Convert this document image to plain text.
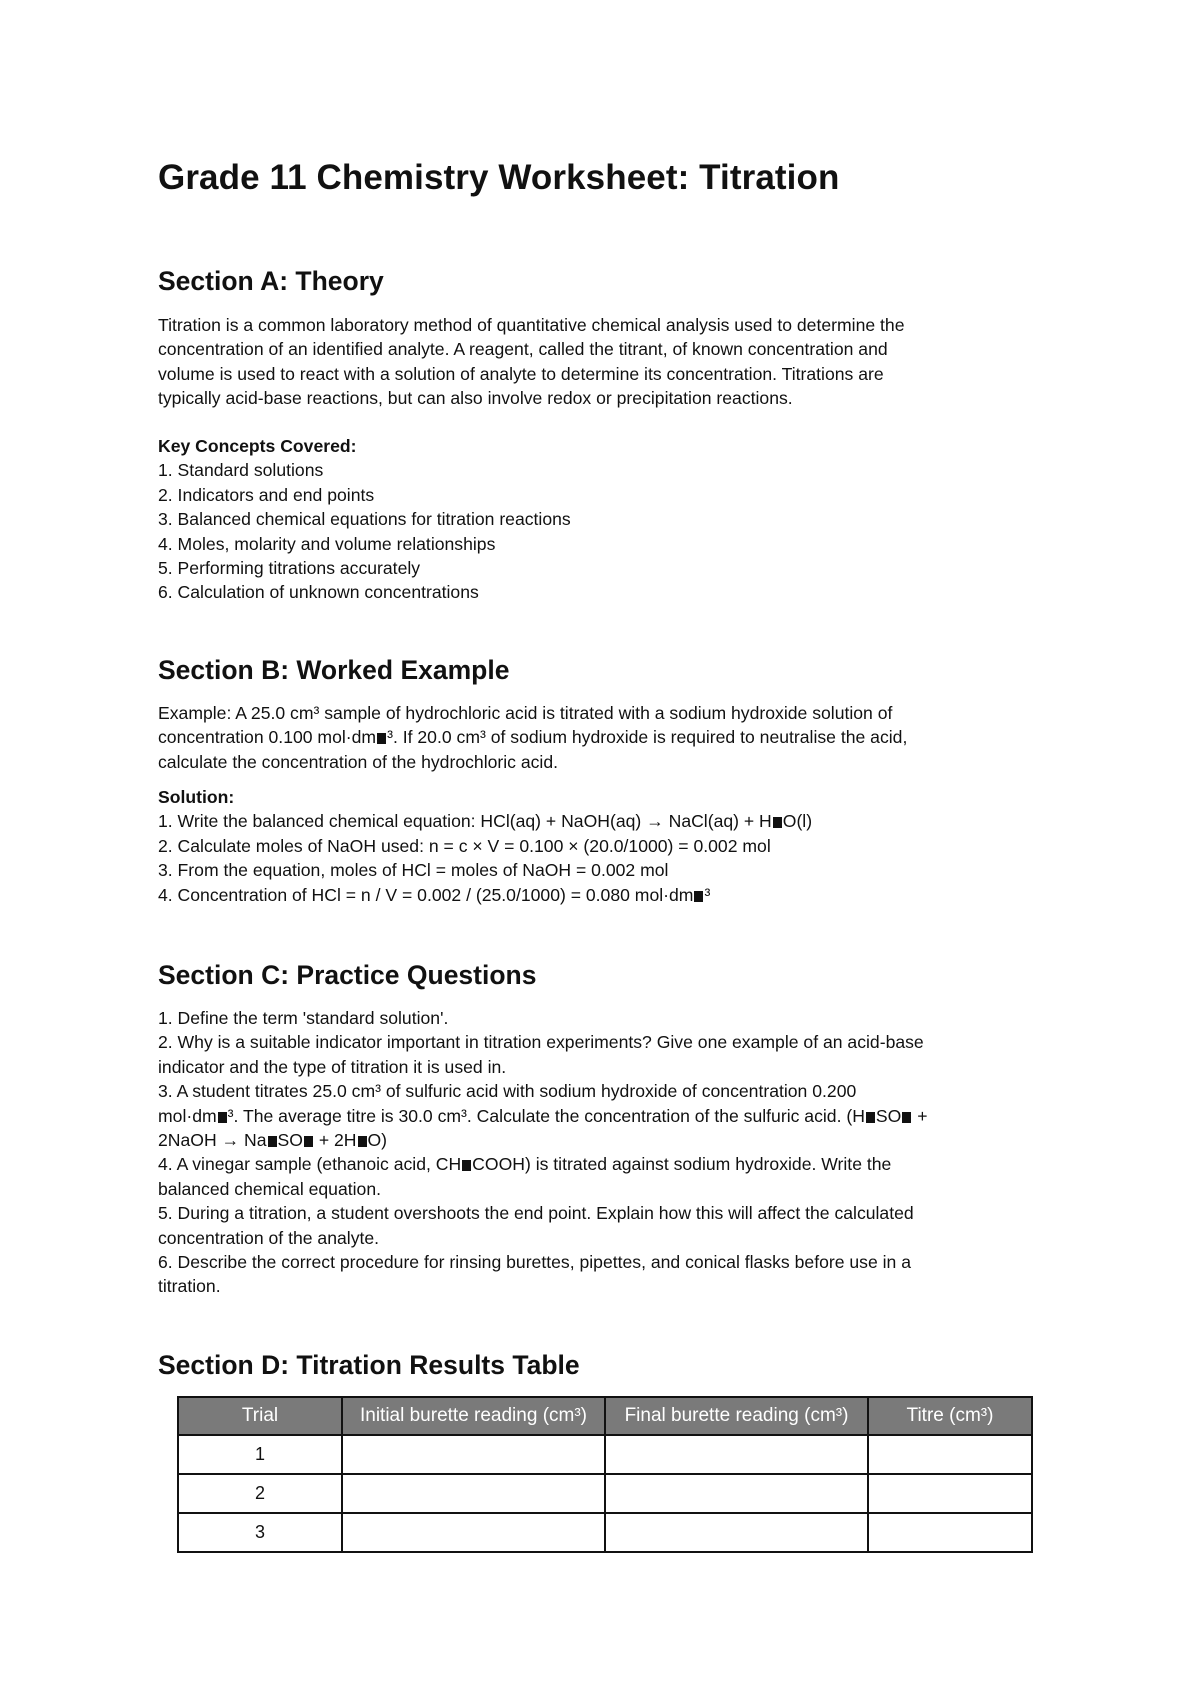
Grade 11 Chemistry Worksheet: Titration
Section A: Theory
Titration is a common laboratory method of quantitative chemical analysis used to determine the
concentration of an identified analyte. A reagent, called the titrant, of known concentration and
volume is used to react with a solution of analyte to determine its concentration. Titrations are
typically acid-base reactions, but can also involve redox or precipitation reactions.
Key Concepts Covered:
1. Standard solutions
2. Indicators and end points
3. Balanced chemical equations for titration reactions
4. Moles, molarity and volume relationships
5. Performing titrations accurately
6. Calculation of unknown concentrations
Section B: Worked Example
Example: A 25.0 cm³ sample of hydrochloric acid is titrated with a sodium hydroxide solution of
concentration 0.100 mol·dm ³. If 20.0 cm³ of sodium hydroxide is required to neutralise the acid,
calculate the concentration of the hydrochloric acid.
Solution:
1. Write the balanced chemical equation: HCl(aq) + NaOH(aq) → NaCl(aq) + H O(l)
2. Calculate moles of NaOH used: n = c × V = 0.100 × (20.0/1000) = 0.002 mol
3. From the equation, moles of HCl = moles of NaOH = 0.002 mol
4. Concentration of HCl = n / V = 0.002 / (25.0/1000) = 0.080 mol·dm ³
Section C: Practice Questions
1. Define the term 'standard solution'.
2. Why is a suitable indicator important in titration experiments? Give one example of an acid-base
indicator and the type of titration it is used in.
3. A student titrates 25.0 cm³ of sulfuric acid with sodium hydroxide of concentration 0.200
mol·dm ³. The average titre is 30.0 cm³. Calculate the concentration of the sulfuric acid. (H SO +
2NaOH → Na SO + 2H O)
4. A vinegar sample (ethanoic acid, CH COOH) is titrated against sodium hydroxide. Write the
balanced chemical equation.
5. During a titration, a student overshoots the end point. Explain how this will affect the calculated
concentration of the analyte.
6. Describe the correct procedure for rinsing burettes, pipettes, and conical flasks before use in a
titration.
Section D: Titration Results Table
Trial	Initial burette reading (cm³)	Final burette reading (cm³)	Titre (cm³)
1			
2			
3			
